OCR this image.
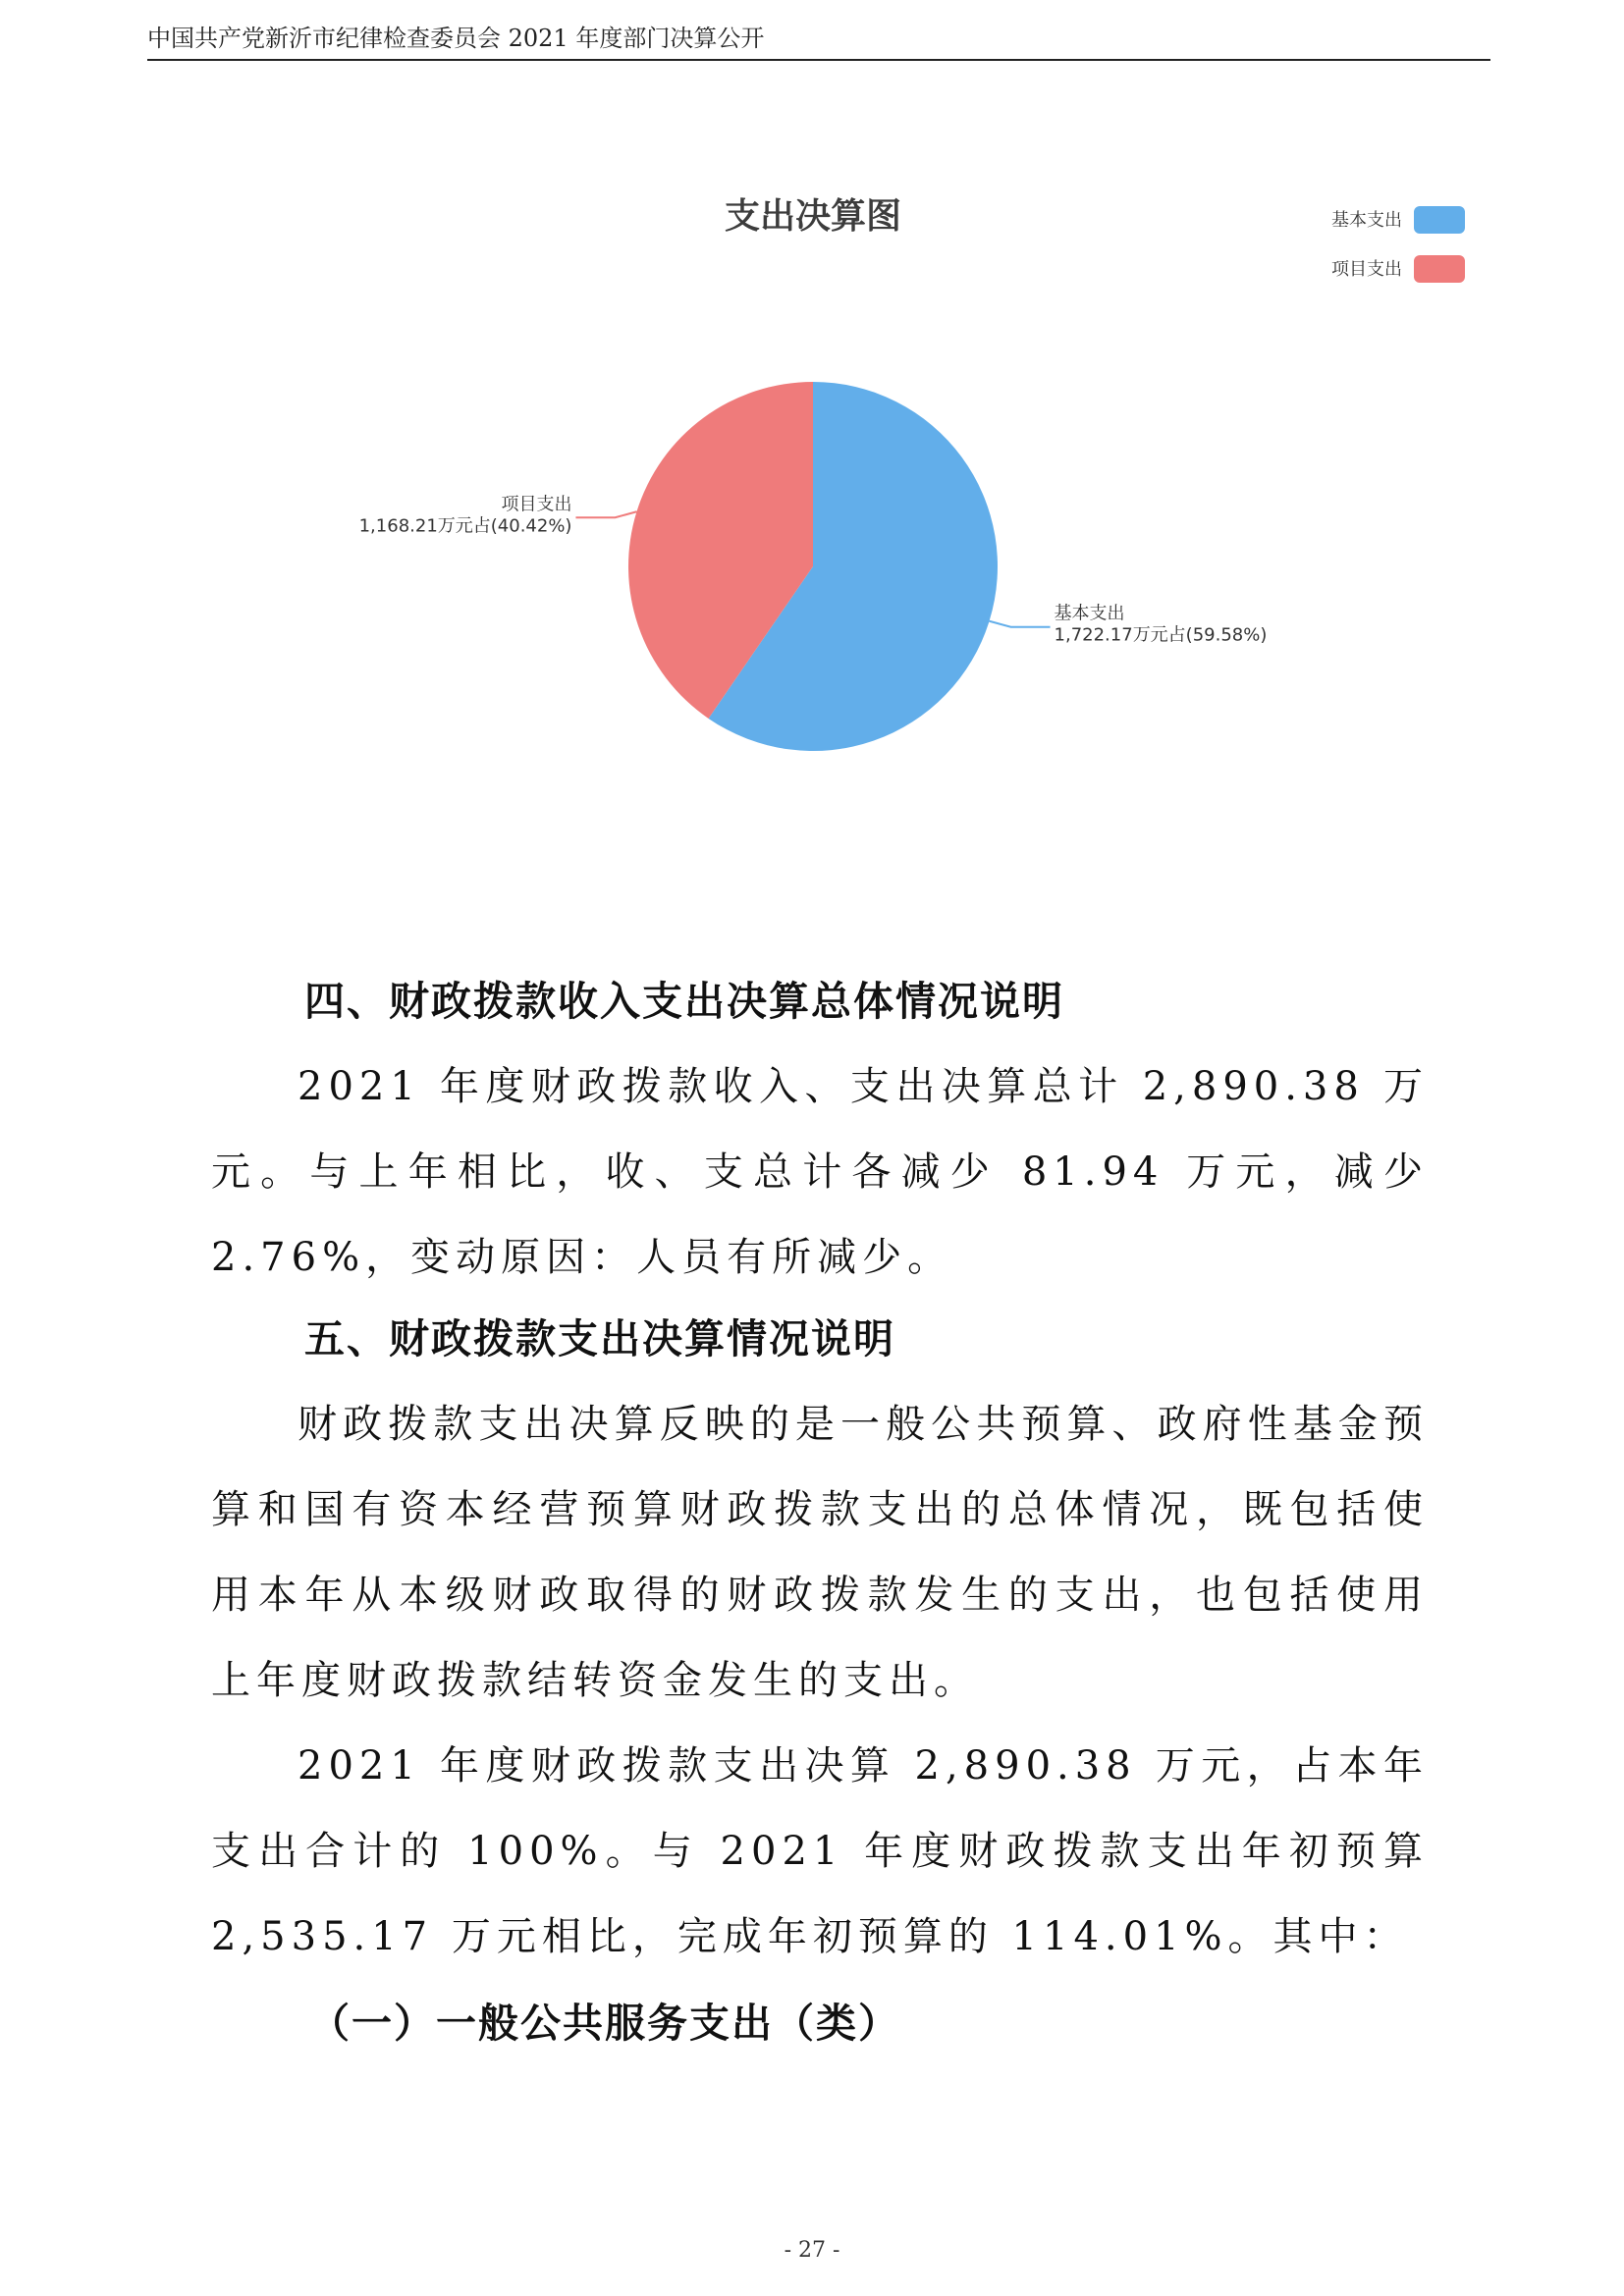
中国共产党新沂市纪律检查委员会 2021 年度部门决算公开
支出决算图	基本支出
项目支出
基本支出
1,722.17万元占(59.58%)
项目支出
1,168.21万元占(40.42%)
四、财政拨款收入支出决算总体情况说明

2021 年度财政拨款收入、支出决算总计 2,890.38 万元。与上年相比，收、支总计各减少 81.94 万元，减少 2.76%，变动原因：人员有所减少。

五、财政拨款支出决算情况说明

财政拨款支出决算反映的是一般公共预算、政府性基金预算和国有资本经营预算财政拨款支出的总体情况，既包括使用本年从本级财政取得的财政拨款发生的支出，也包括使用上年度财政拨款结转资金发生的支出。

2021 年度财政拨款支出决算 2,890.38 万元，占本年支出合计的 100%。与 2021 年度财政拨款支出年初预算 2,535.17 万元相比，完成年初预算的 114.01%。其中：

（一）一般公共服务支出（类）
- 27 -
